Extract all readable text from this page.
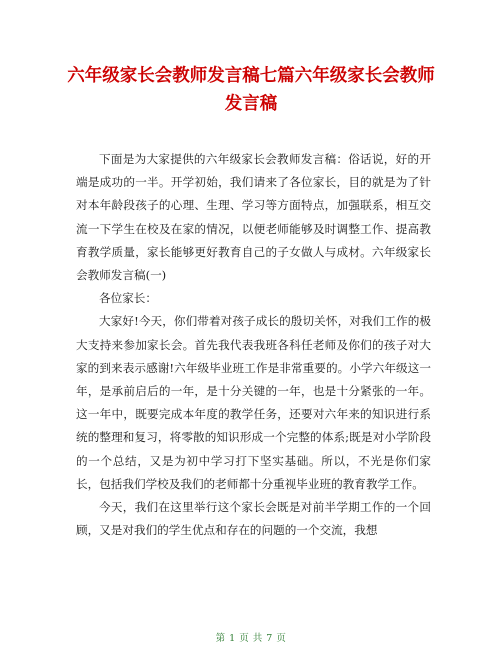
六年级家长会教师发言稿七篇六年级家长会教师发言稿

下面是为大家提供的六年级家长会教师发言稿：俗话说，好的开端是成功的一半。开学初始，我们请来了各位家长，目的就是为了针对本年龄段孩子的心理、生理、学习等方面特点，加强联系，相互交流一下学生在校及在家的情况，以便老师能够及时调整工作、提高教育教学质量，家长能够更好教育自己的子女做人与成材。六年级家长会教师发言稿(一)

各位家长：

大家好!今天，你们带着对孩子成长的殷切关怀，对我们工作的极大支持来参加家长会。首先我代表我班各科任老师及你们的孩子对大家的到来表示感谢!六年级毕业班工作是非常重要的。小学六年级这一年，是承前启后的一年，是十分关键的一年，也是十分紧张的一年。这一年中，既要完成本年度的教学任务，还要对六年来的知识进行系统的整理和复习，将零散的知识形成一个完整的体系;既是对小学阶段的一个总结，又是为初中学习打下坚实基础。所以，不光是你们家长，包括我们学校及我们的老师都十分重视毕业班的教育教学工作。

今天，我们在这里举行这个家长会既是对前半学期工作的一个回顾，又是对我们的学生优点和存在的问题的一个交流，我想

第 1 页 共 7 页
